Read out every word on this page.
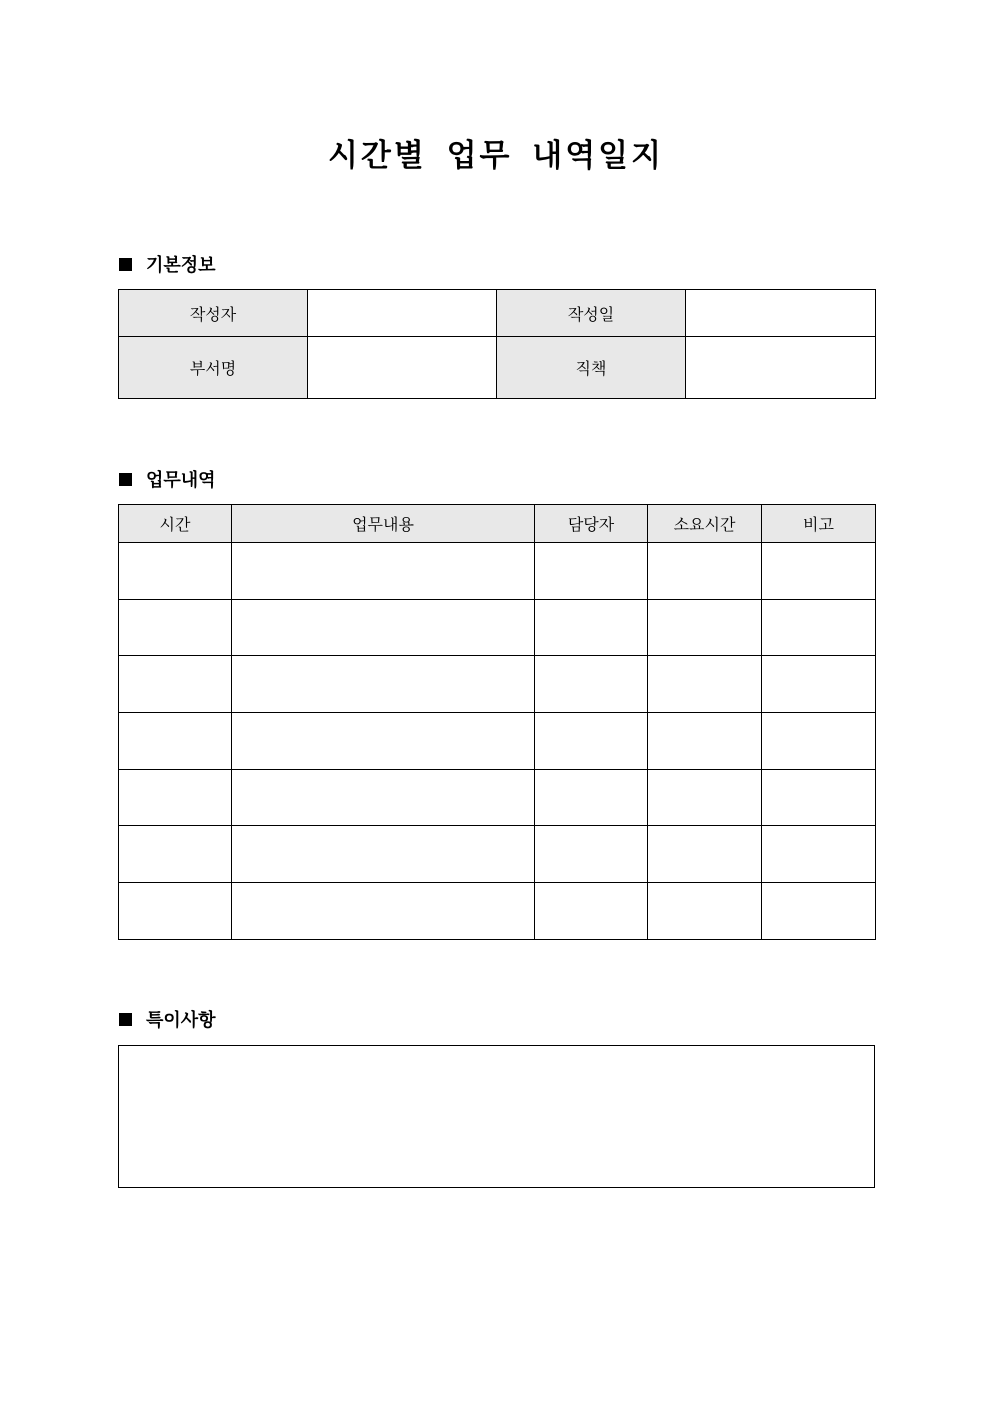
시간별 업무 내역일지
기본정보
작성자		작성일	
부서명		직책	
업무내역
시간	업무내용	담당자	소요시간	비고

특이사항
